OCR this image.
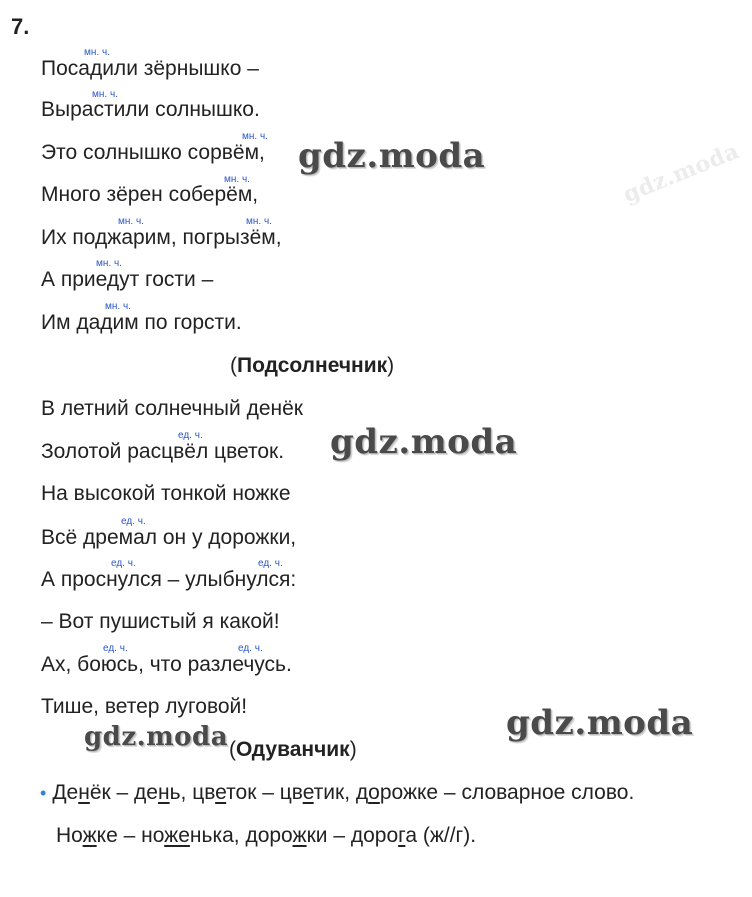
7.
мн. ч.
Посадили зёрнышко –
мн. ч.
Вырастили солнышко.
мн. ч.
Это солнышко сорвём,
мн. ч.
Много зёрен соберём,
мн. ч.	мн. ч.
Их поджарим, погрызём,
мн. ч.
А приедут гости –
мн. ч.
Им дадим по горсти.
(Подсолнечник)
В летний солнечный денёк
ед. ч.
Золотой расцвёл цветок.
На высокой тонкой ножке
ед. ч.
Всё дремал он у дорожки,
ед. ч.	ед. ч.
А проснулся – улыбнулся:
– Вот пушистый я какой!
ед. ч.	ед. ч.
Ах, боюсь, что разлечусь.
Тише, ветер луговой!
(Одуванчик)
• Денёк – день, цветок – цветик, дорожке – словарное слово.
Ножке – ноженька, дорожки – дорога (ж//г).
gdz.moda
gdz.moda
gdz.moda
gdz.moda
gdz.moda
